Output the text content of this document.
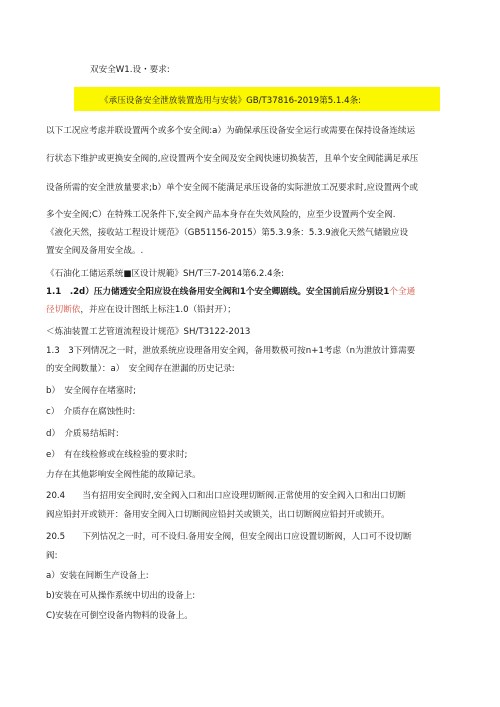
双安全W1.设・要求:
《承压设备安全泄放装置选用与安装》GB/T37816-2019第5.1.4条:
以下工况应考虑并联设置两个或多个安全阀:a）为确保承压设备安全运行或需要在保持设备连续运
行状态下维护或更换安全阀的,应设置两个安全阀及安全阀快速切换装苦，且单个安全阀能满足承压
设备所需的安全泄放量要求;b）单个安全阀不能满足承压设备的实际泄放工况要求时,应设置两个或
多个安全阀;C）在特殊工况条件下,安全阀产品本身存在失效风险的，应至少设置两个安全阀.
《液化天然，接收站工程设计规范》（GB51156-2015）第5.3.9条：5.3.9液化天然气储锻应设
置安全阀及备用安全战。.
《石油化工储运系统■区设计规範》SH/T三7-2014第6.2.4条:
1.1　.2d）压力储透安全阳应设在线备用安全阀和1个安全卿剧线。安全国前后应分别设1个全通
径切断依，并应在设计图纸上标注1.0（铅封开）；
＜炼油装置工艺管道流程设计规范》SH/T3122-2013
1.3　3下列情况之一时，泄放系统应设理备用安全阀，备用数极可按n+1考虑（n为泄放计算需要
的安全阀数量）：a）　安全阀存在泄漏的历史记录:
b）　安全阀存在堵塞时;
c）　介质存在腐蚀性时:
d）　介质易结垢时:
e）　有在线检修或在线检验的要求时;
力存在其他影响安全阀性能的故障记录。
20.4　　当有招用安全阀时,安全阀入口和出口应设理切断阀.正常使用的安全阀入口和出口切断
阀应铅封开或锁开：备用安全阀入口切断阀应铅封关或锁关，出口切断阀应铅封开或锁开。
20.5　　下列怙况之一时，可不设归.备用安全阀，但安全阀出口应设置切断阀，人口可不设切断
阀:
a）安装在间断生产设备上:
b)安装在可从操作系统中切出的设备上:
C)安装在可倒空设备内物料的设备上。
